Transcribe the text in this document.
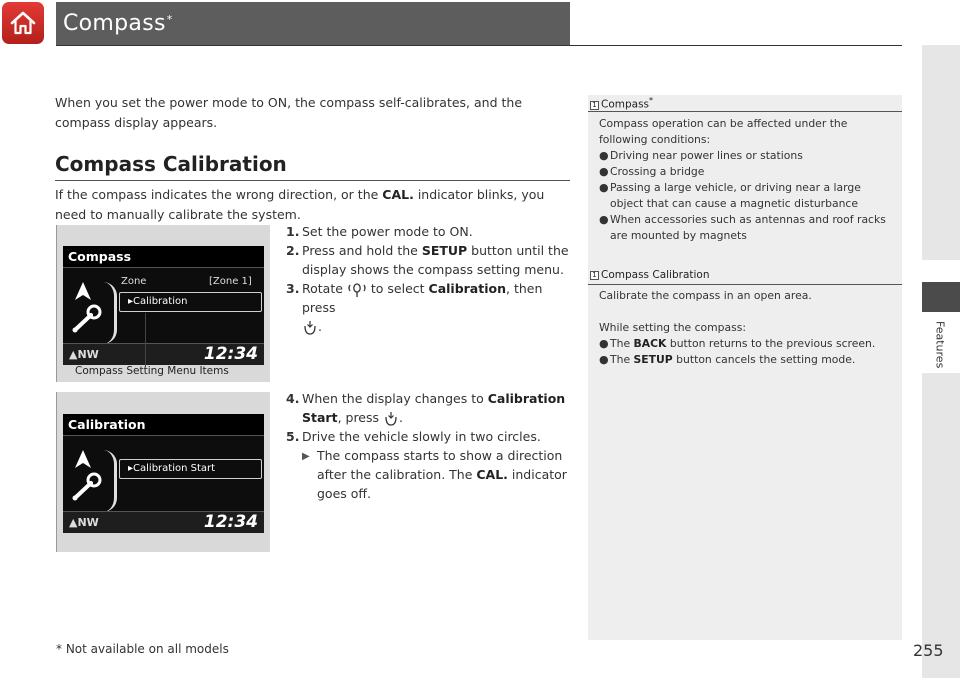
Compass*
Features

When you set the power mode to ON, the compass self-calibrates, and the compass display appears.

Compass Calibration

If the compass indicates the wrong direction, or the CAL. indicator blinks, you need to manually calibrate the system.

1. Set the power mode to ON.
2. Press and hold the SETUP button until the display shows the compass setting menu.
3. Rotate  to select Calibration, then press
.
Compass
Zone	[Zone 1]
▸Calibration
▲NW	12:34
Compass Setting Menu Items
4. When the display changes to Calibration Start, press .
5. Drive the vehicle slowly in two circles.
▶ The compass starts to show a direction after the calibration. The CAL. indicator goes off.
Calibration
▸Calibration Start
▲NW	12:34
1 Compass*
Compass operation can be affected under the following conditions:
● Driving near power lines or stations
● Crossing a bridge
● Passing a large vehicle, or driving near a large object that can cause a magnetic disturbance
● When accessories such as antennas and roof racks are mounted by magnets
1 Compass Calibration
Calibrate the compass in an open area.
While setting the compass:
● The BACK button returns to the previous screen.
● The SETUP button cancels the setting mode.
* Not available on all models	255
